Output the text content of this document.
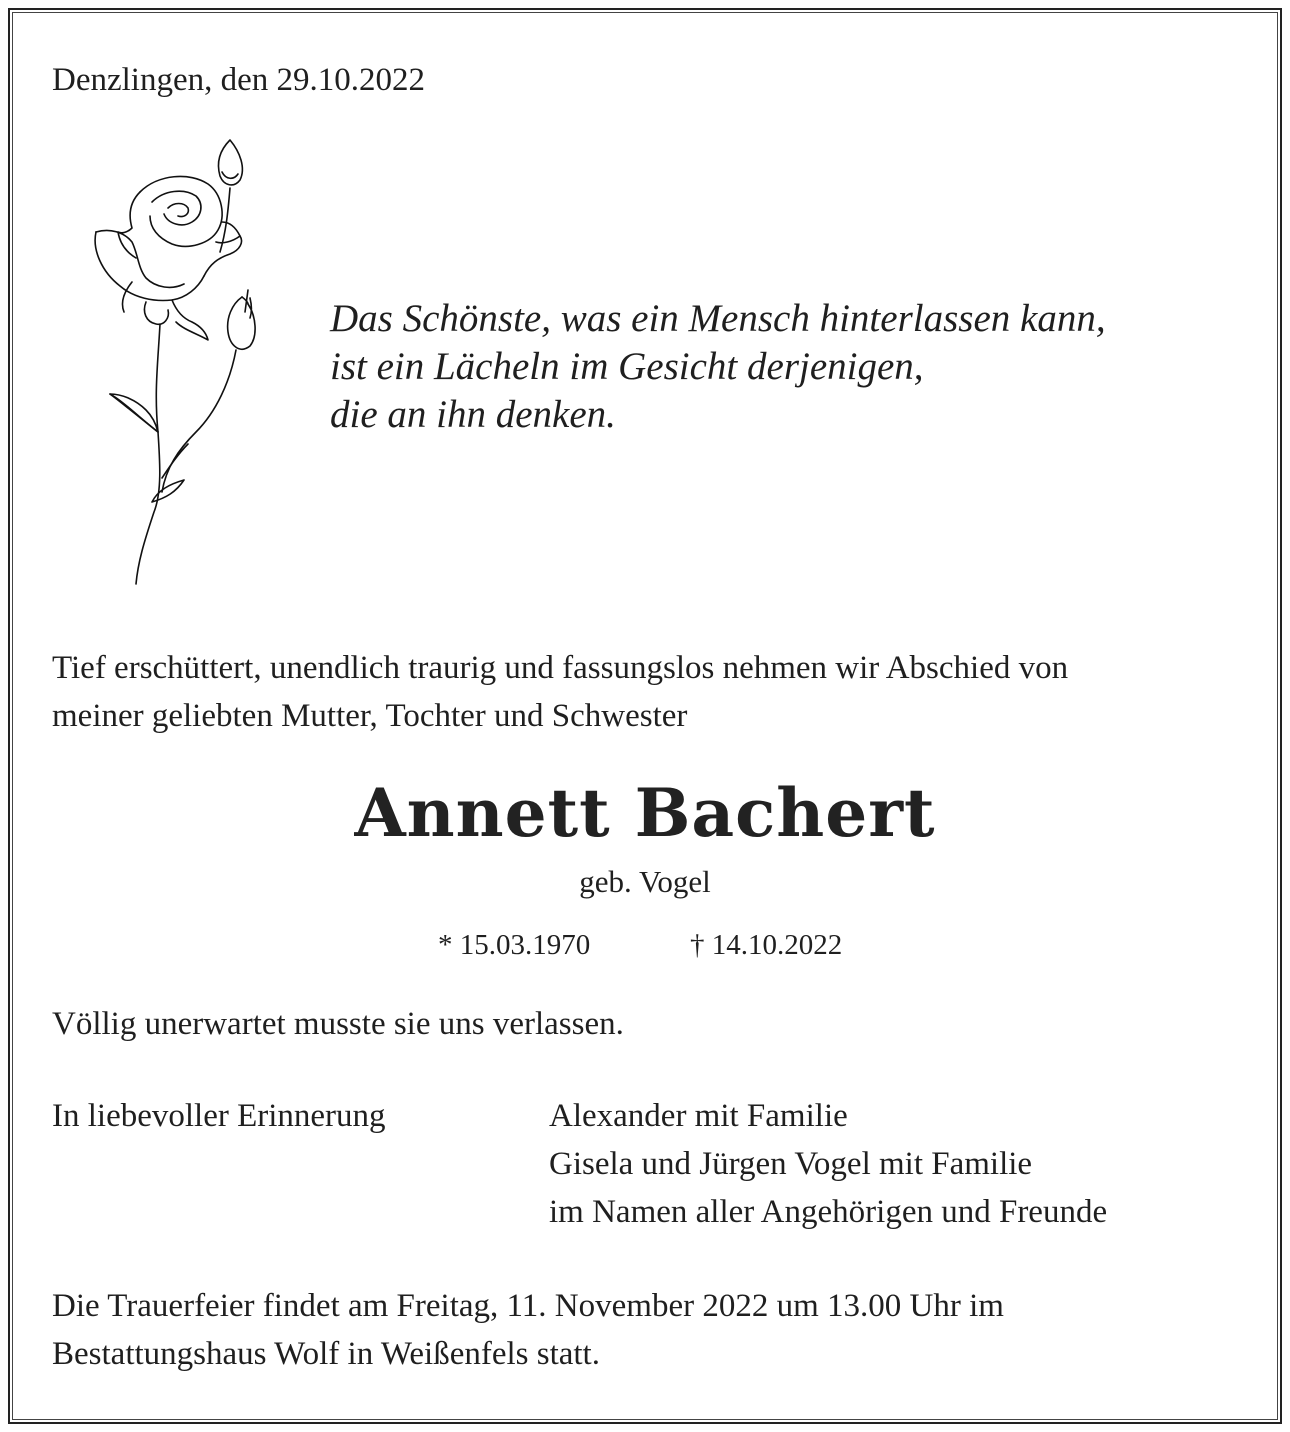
Denzlingen, den 29.10.2022
Das Schönste, was ein Mensch hinterlassen kann,
ist ein Lächeln im Gesicht derjenigen,
die an ihn denken.
Tief erschüttert, unendlich traurig und fassungslos nehmen wir Abschied von
meiner geliebten Mutter, Tochter und Schwester
Annett Bachert
geb. Vogel
* 15.03.1970	† 14.10.2022
Völlig unerwartet musste sie uns verlassen.
In liebevoller Erinnerung	Alexander mit Familie
Gisela und Jürgen Vogel mit Familie
im Namen aller Angehörigen und Freunde
Die Trauerfeier findet am Freitag, 11. November 2022 um 13.00 Uhr im
Bestattungshaus Wolf in Weißenfels statt.
